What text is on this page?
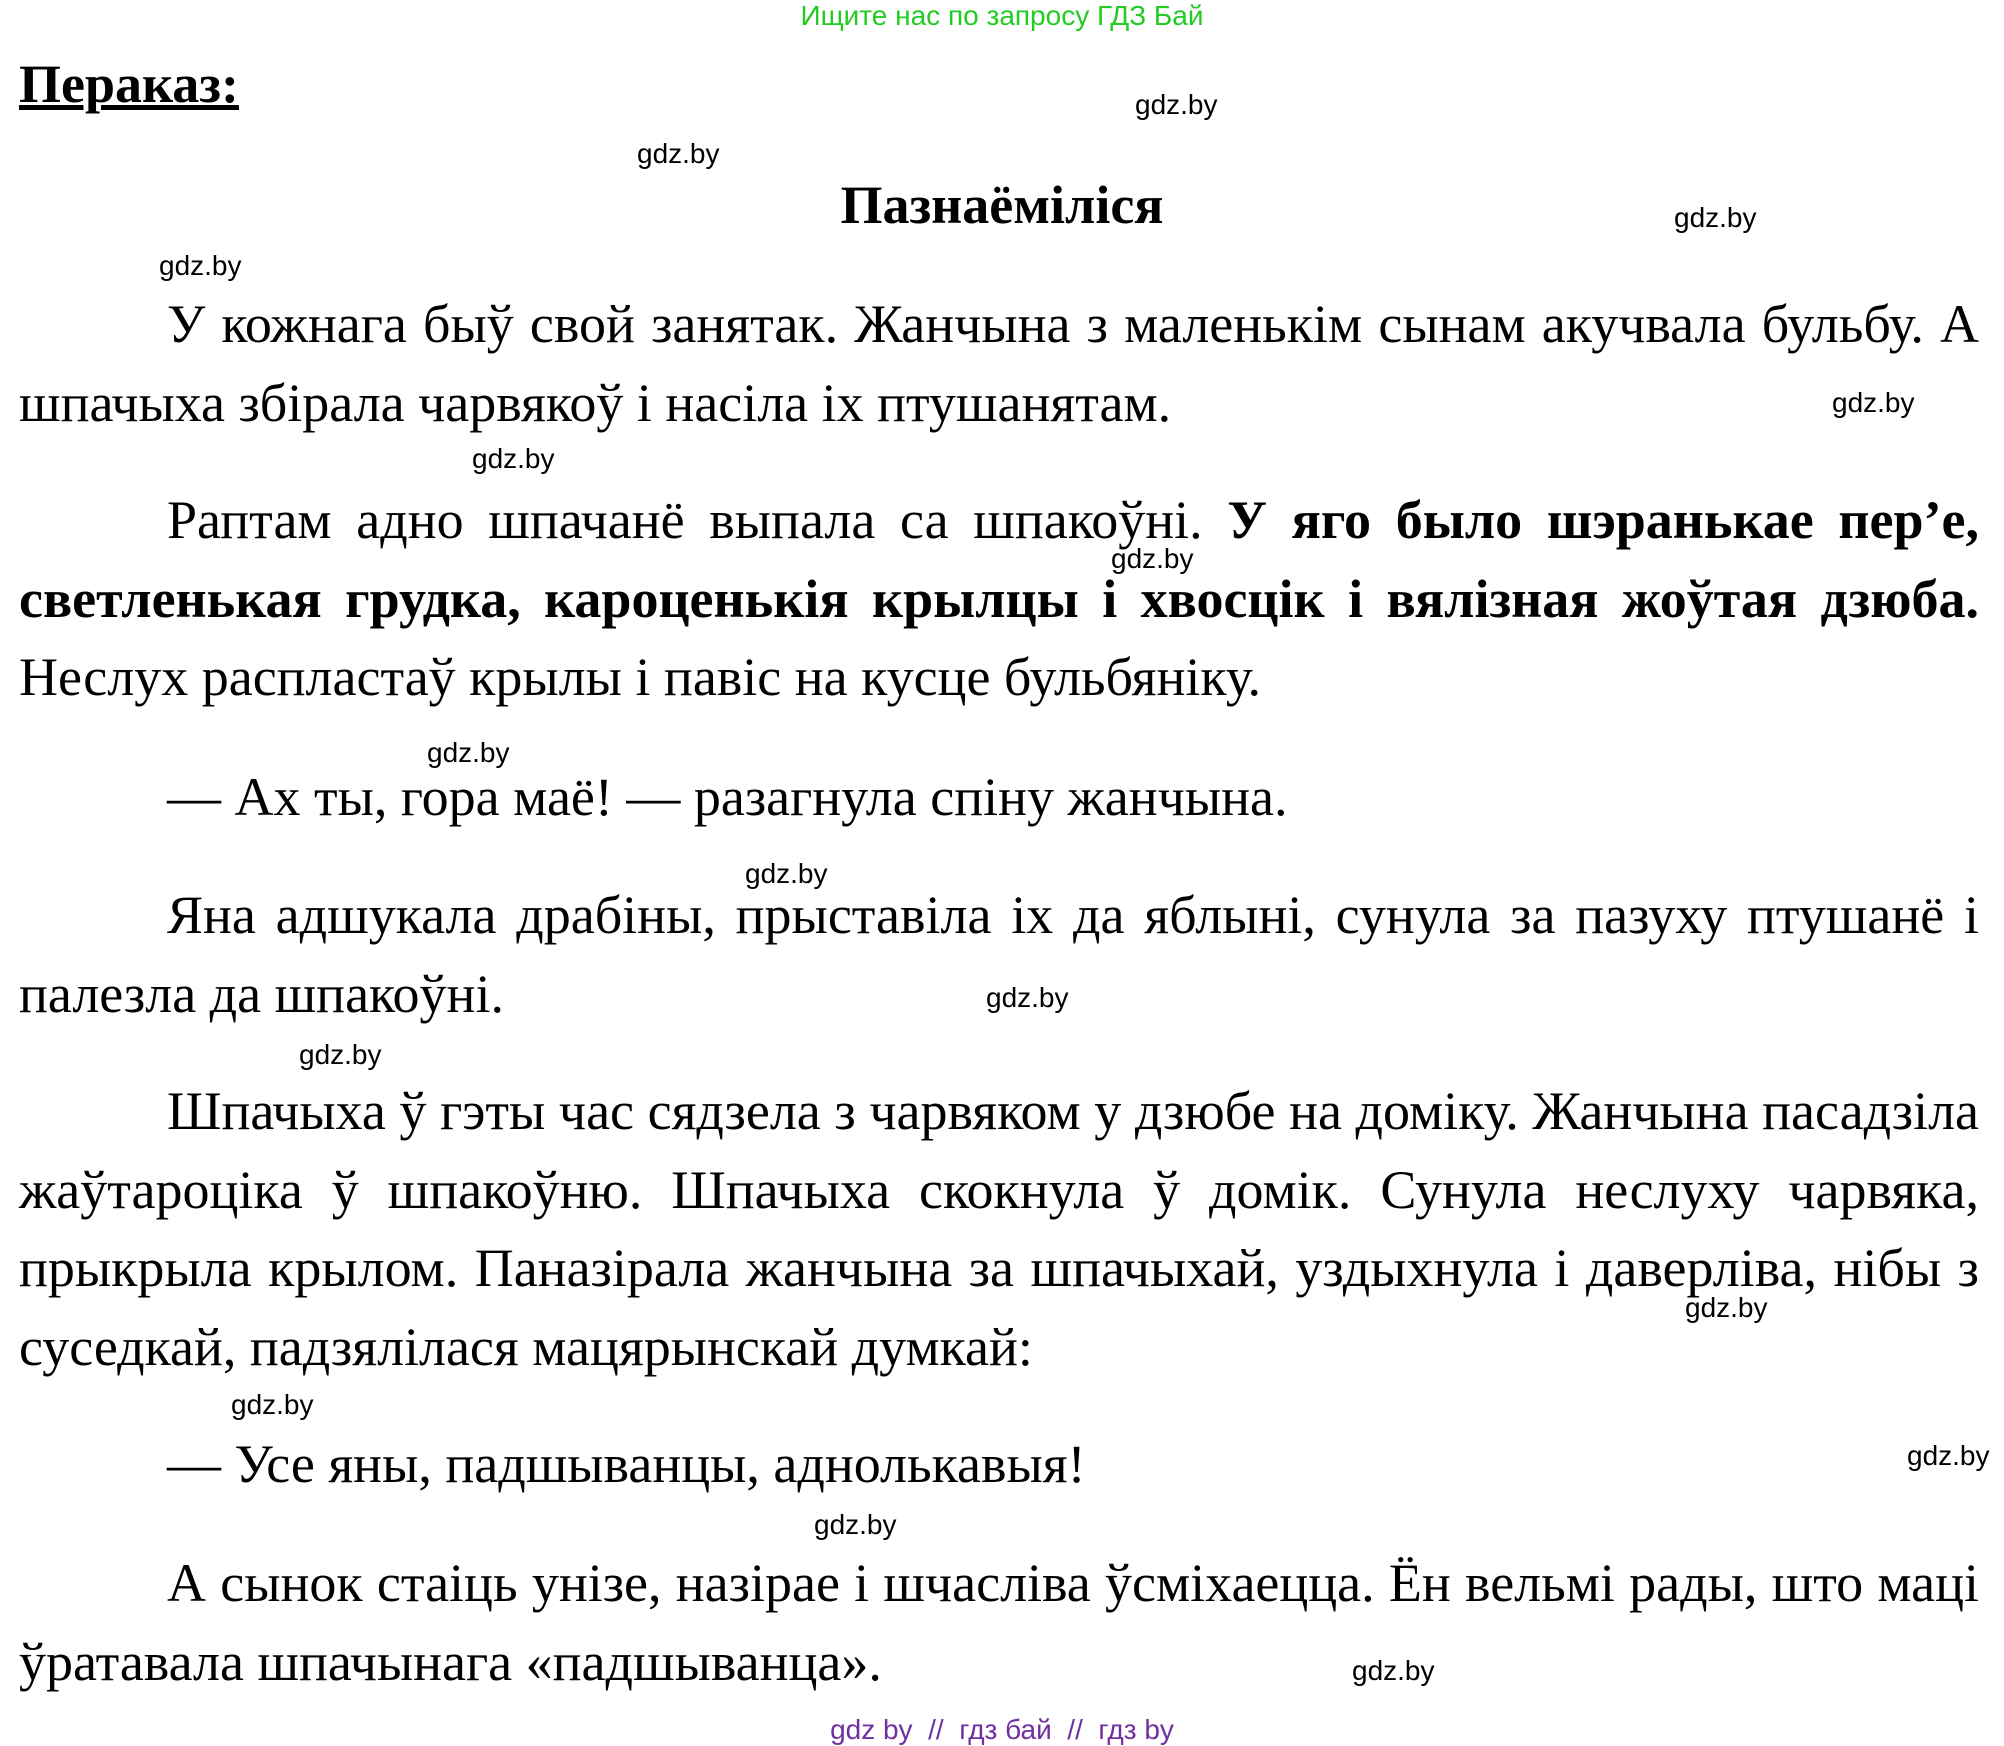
Ищите нас по запросу ГДЗ Бай
Пераказ:
Пазнаёміліся
У кожнага быў свой занятак. Жанчына з маленькім сынам акучвала бульбу. А шпачыха збірала чарвякоў і насіла іх птушанятам.
Раптам адно шпачанё выпала са шпакоўні. У яго было шэранькае пер’е, светленькая грудка, кароценькія крылцы і хвосцік і вялізная жоўтая дзюба. Неслух распластаў крылы і павіс на кусце бульбяніку.
— Ах ты, гора маё! — разагнула спіну жанчына.
Яна адшукала драбіны, прыставіла іх да яблыні, сунула за пазуху птушанё і палезла да шпакоўні.
Шпачыха ў гэты час сядзела з чарвяком у дзюбе на доміку. Жанчына пасадзіла жаўтароціка ў шпакоўню. Шпачыха скокнула ў домік. Сунула неслуху чарвяка, прыкрыла крылом. Паназірала жанчына за шпачыхай, уздыхнула і даверліва, нібы з суседкай, падзялілася мацярынскай думкай:
— Усе яны, падшыванцы, аднолькавыя!
А сынок стаіць унізе, назірае і шчасліва ўсміхаецца. Ён вельмі рады, што маці ўратавала шпачынага «падшыванца».
gdz.by
gdz.by
gdz.by
gdz.by
gdz.by
gdz.by
gdz.by
gdz.by
gdz.by
gdz.by
gdz.by
gdz.by
gdz.by
gdz.by
gdz.by
gdz.by
gdz by  //  гдз бай  //  гдз by
